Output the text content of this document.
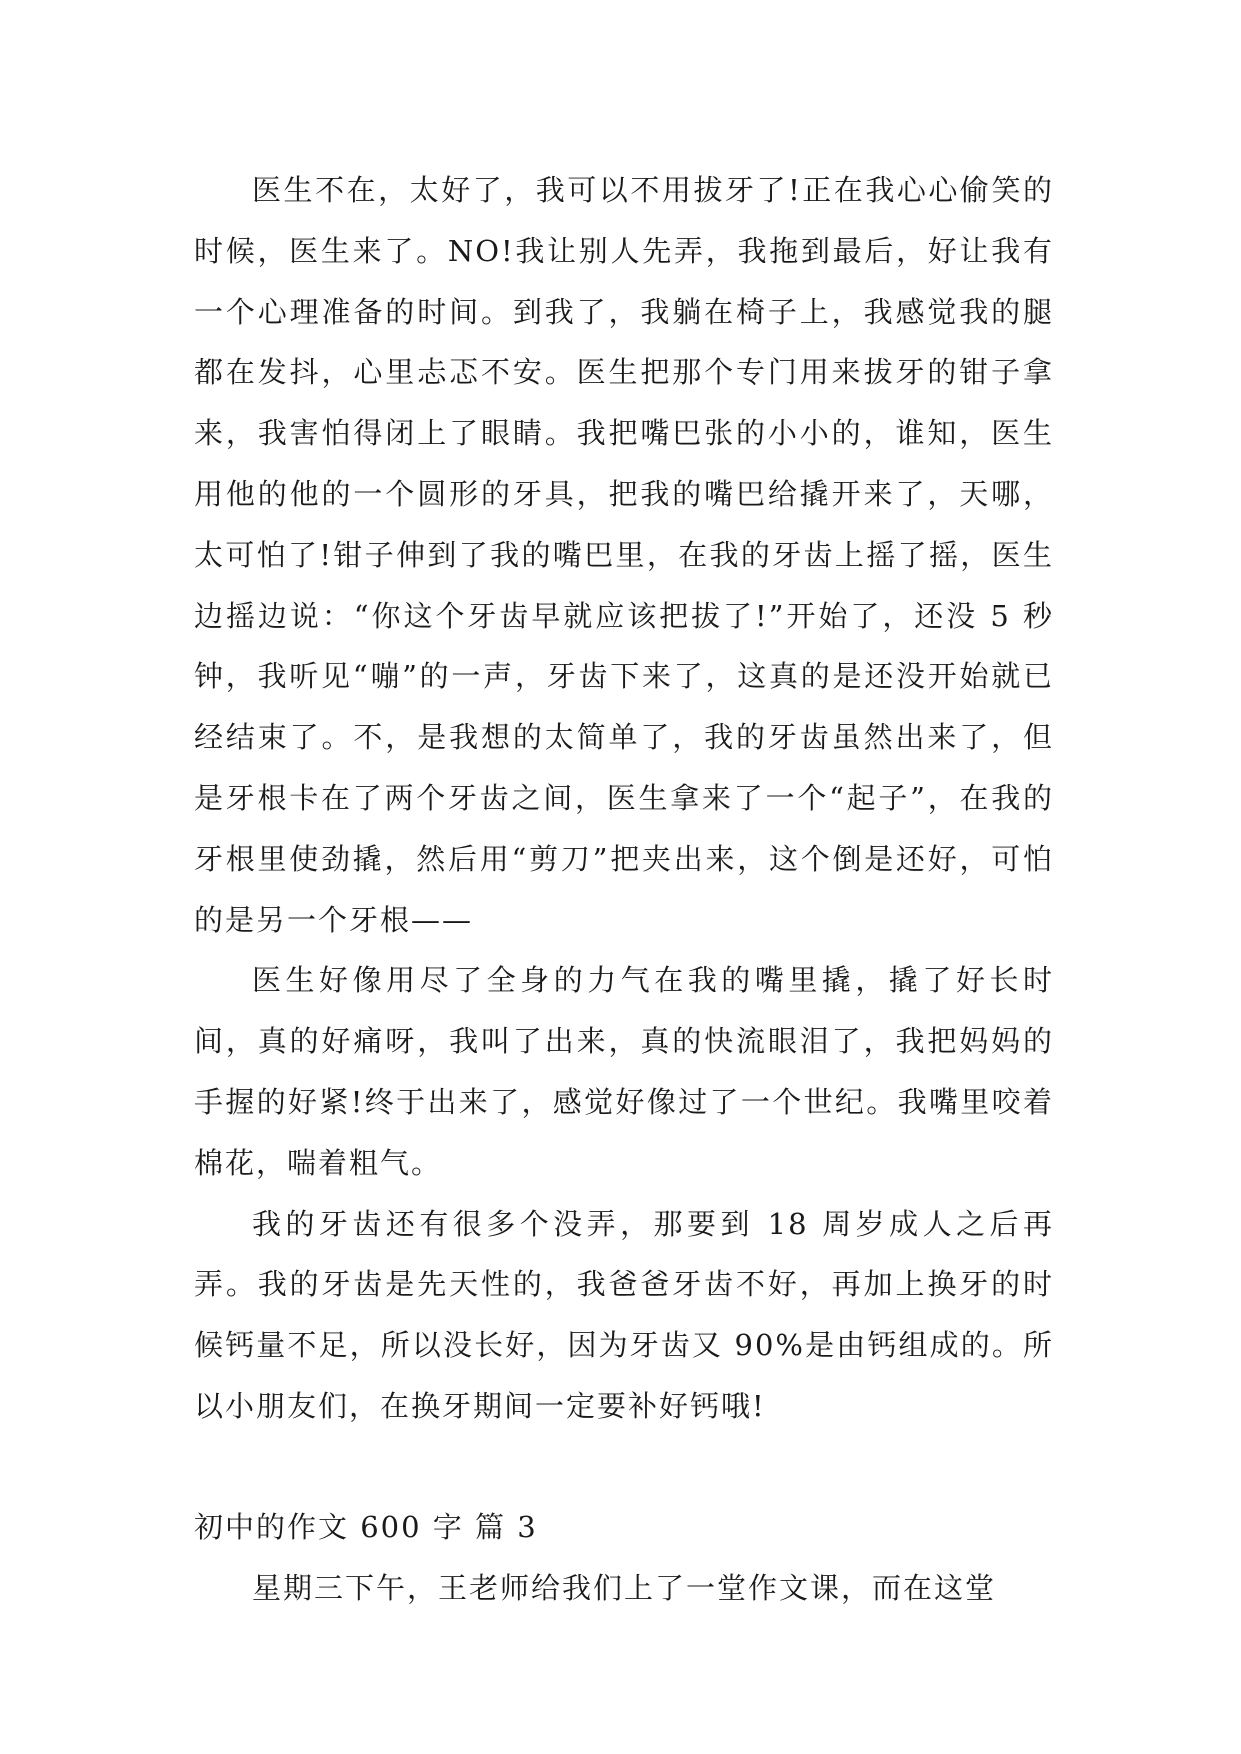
医生不在，太好了，我可以不用拔牙了!正在我心心偷笑的时候，医生来了。NO!我让别人先弄，我拖到最后，好让我有一个心理准备的时间。到我了，我躺在椅子上，我感觉我的腿都在发抖，心里忐忑不安。医生把那个专门用来拔牙的钳子拿来，我害怕得闭上了眼睛。我把嘴巴张的小小的，谁知，医生用他的他的一个圆形的牙具，把我的嘴巴给撬开来了，天哪，太可怕了!钳子伸到了我的嘴巴里，在我的牙齿上摇了摇，医生边摇边说：“你这个牙齿早就应该把拔了!”开始了，还没 5 秒钟，我听见“嘣”的一声，牙齿下来了，这真的是还没开始就已经结束了。不，是我想的太简单了，我的牙齿虽然出来了，但是牙根卡在了两个牙齿之间，医生拿来了一个“起子”，在我的牙根里使劲撬，然后用“剪刀”把夹出来，这个倒是还好，可怕的是另一个牙根——

医生好像用尽了全身的力气在我的嘴里撬，撬了好长时间，真的好痛呀，我叫了出来，真的快流眼泪了，我把妈妈的手握的好紧!终于出来了，感觉好像过了一个世纪。我嘴里咬着棉花，喘着粗气。

我的牙齿还有很多个没弄，那要到 18 周岁成人之后再弄。我的牙齿是先天性的，我爸爸牙齿不好，再加上换牙的时候钙量不足，所以没长好，因为牙齿又 90%是由钙组成的。所以小朋友们，在换牙期间一定要补好钙哦!

初中的作文 600 字 篇 3

星期三下午，王老师给我们上了一堂作文课，而在这堂
